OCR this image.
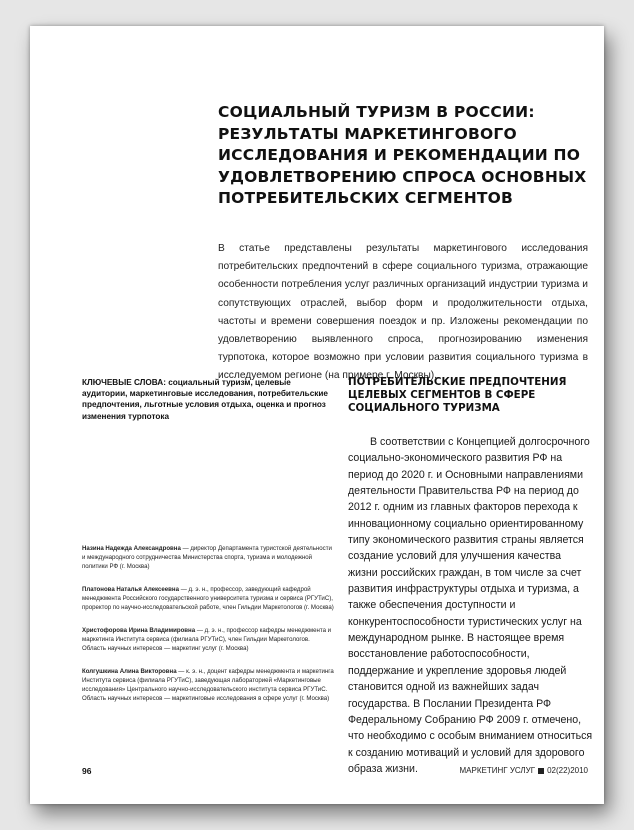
СОЦИАЛЬНЫЙ ТУРИЗМ В РОССИИ: РЕЗУЛЬТАТЫ МАРКЕТИНГОВОГО ИССЛЕДОВАНИЯ И РЕКОМЕНДАЦИИ ПО УДОВЛЕТВОРЕНИЮ СПРОСА ОСНОВНЫХ ПОТРЕБИТЕЛЬСКИХ СЕГМЕНТОВ

В статье представлены результаты маркетингового исследования потребительских предпочтений в сфере социального туризма, отражающие особенности потребления услуг различных организаций индустрии туризма и сопутствующих отраслей, выбор форм и продолжительности отдыха, частоты и времени совершения поездок и пр. Изложены рекомендации по удовлетворению выявленного спроса, прогнозированию изменения турпотока, которое возможно при условии развития социального туризма в исследуемом регионе (на примере г. Москвы).

КЛЮЧЕВЫЕ СЛОВА: социальный туризм, целевые аудитории, маркетинговые исследования, потребительские предпочтения, льготные условия отдыха, оценка и прогноз изменения турпотока

ПОТРЕБИТЕЛЬСКИЕ ПРЕДПОЧТЕНИЯ ЦЕЛЕВЫХ СЕГМЕНТОВ В СФЕРЕ СОЦИАЛЬНОГО ТУРИЗМА

В соответствии с Концепцией долгосрочного социально-экономического развития РФ на период до 2020 г. и Основными направлениями деятельности Правительства РФ на период до 2012 г. одним из главных факторов перехода к инновационному социально ориентированному типу экономического развития страны является создание условий для улучшения качества жизни российских граждан, в том числе за счет развития инфраструктуры отдыха и туризма, а также обеспечения доступности и конкурентоспособности туристических услуг на международном рынке. В настоящее время восстановление работоспособности, поддержание и укрепление здоровья людей становится одной из важнейших задач государства. В Послании Президента РФ Федеральному Собранию РФ 2009 г. отмечено, что необходимо с особым вниманием относиться к созданию мотиваций и условий для здорового образа жизни.

Назина Надежда Александровна — директор Департамента туристской деятельности и международного сотрудничества Министерства спорта, туризма и молодежной политики РФ (г. Москва)

Платонова Наталья Алексеевна — д. э. н., профессор, заведующий кафедрой менеджмента Российского государственного университета туризма и сервиса (РГУТиС), проректор по научно-исследовательской работе, член Гильдии Маркетологов (г. Москва)

Христофорова Ирина Владимировна — д. э. н., профессор кафедры менеджмента и маркетинга Института сервиса (филиала РГУТиС), член Гильдии Маркетологов. Область научных интересов — маркетинг услуг (г. Москва)

Колгушкина Алина Викторовна — к. э. н., доцент кафедры менеджмента и маркетинга Института сервиса (филиала РГУТиС), заведующая лабораторией «Маркетинговые исследования» Центрального научно-исследовательского института сервиса РГУТиС. Область научных интересов — маркетинговые исследования в сфере услуг (г. Москва)

96	МАРКЕТИНГ УСЛУГ 02(22)2010
